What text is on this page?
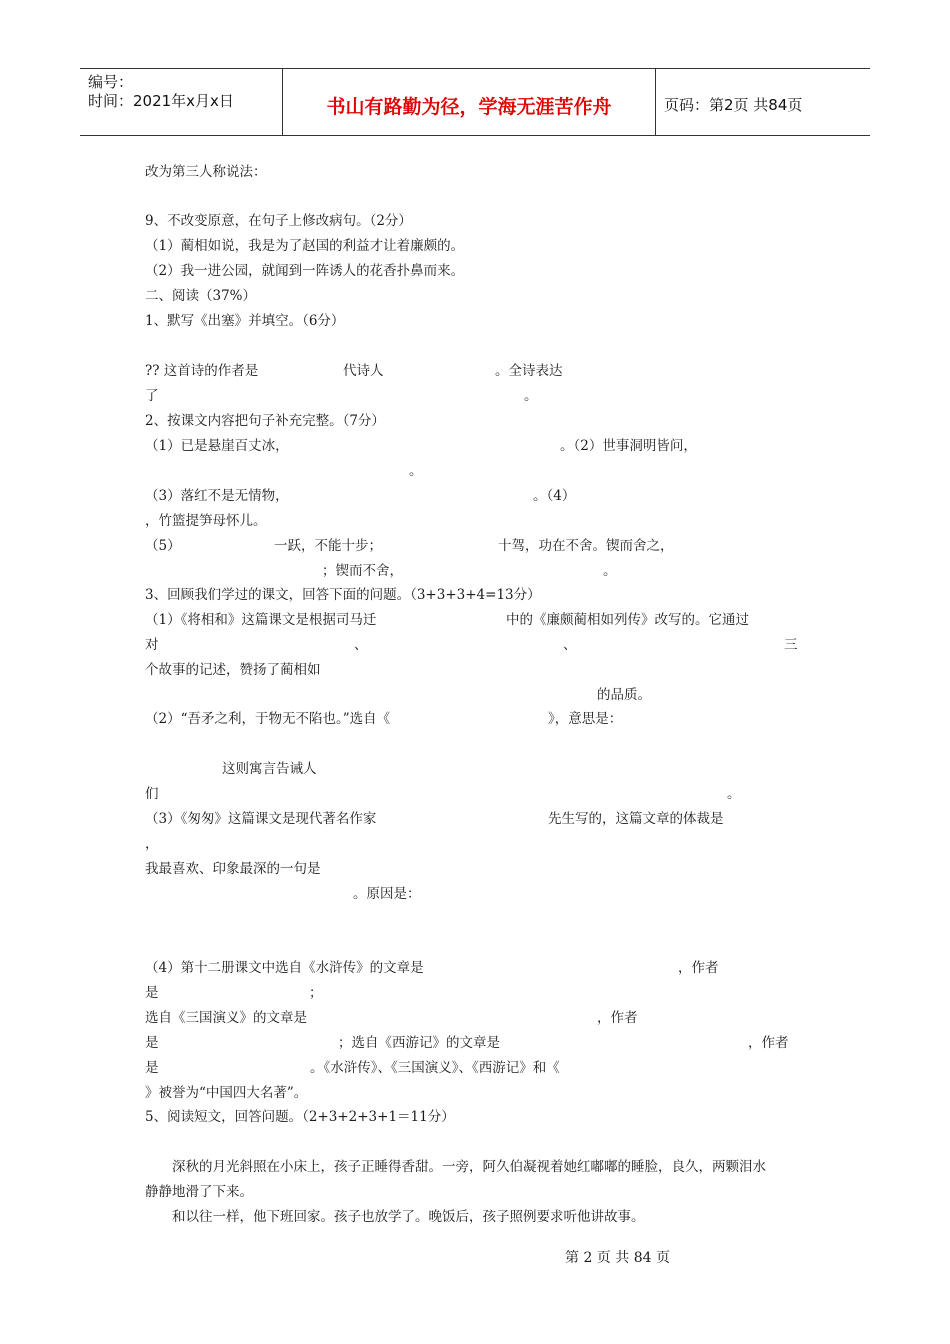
编号：
时间：2021年x月x日	书山有路勤为径，学海无涯苦作舟	页码：第2页 共84页
改为第三人称说法：
9、不改变原意，在句子上修改病句。（2分）
（1）蔺相如说，我是为了赵国的利益才让着廉颇的。
（2）我一进公园，就闻到一阵诱人的花香扑鼻而来。
二、阅读（37%）
1、默写《出塞》并填空。（6分）
?? 这首诗的作者是	代诗人	。全诗表达
了	。
2、按课文内容把句子补充完整。（7分）
（1）已是悬崖百丈冰，	。（2）世事洞明皆问，
。
（3）落红不是无情物，	。（4）
，竹篮提笋母怀儿。
（5）	一跃，不能十步；	十驾，功在不舍。锲而舍之，
；锲而不舍，	。
3、回顾我们学过的课文，回答下面的问题。（3+3+3+4=13分）
（1）《将相和》这篇课文是根据司马迁	中的《廉颇蔺相如列传》改写的。它通过
对	、	、	三
个故事的记述，赞扬了蔺相如
的品质。
（2）“吾矛之利，于物无不陷也。”选自《	》，意思是：
这则寓言告诫人
们	。
（3）《匆匆》这篇课文是现代著名作家	先生写的，这篇文章的体裁是
，
我最喜欢、印象最深的一句是
。原因是：
（4）第十二册课文中选自《水浒传》的文章是	，作者
是	；
选自《三国演义》的文章是	，作者
是	；选自《西游记》的文章是	，作者
是	。《水浒传》、《三国演义》、《西游记》和《
》被誉为“中国四大名著”。
5、阅读短文，回答问题。（2+3+2+3+1＝11分）
深秋的月光斜照在小床上，孩子正睡得香甜。一旁，阿久伯凝视着她红嘟嘟的睡脸，良久，两颗泪水
静静地滑了下来。
和以往一样，他下班回家。孩子也放学了。晚饭后，孩子照例要求听他讲故事。
第 2 页 共 84 页
